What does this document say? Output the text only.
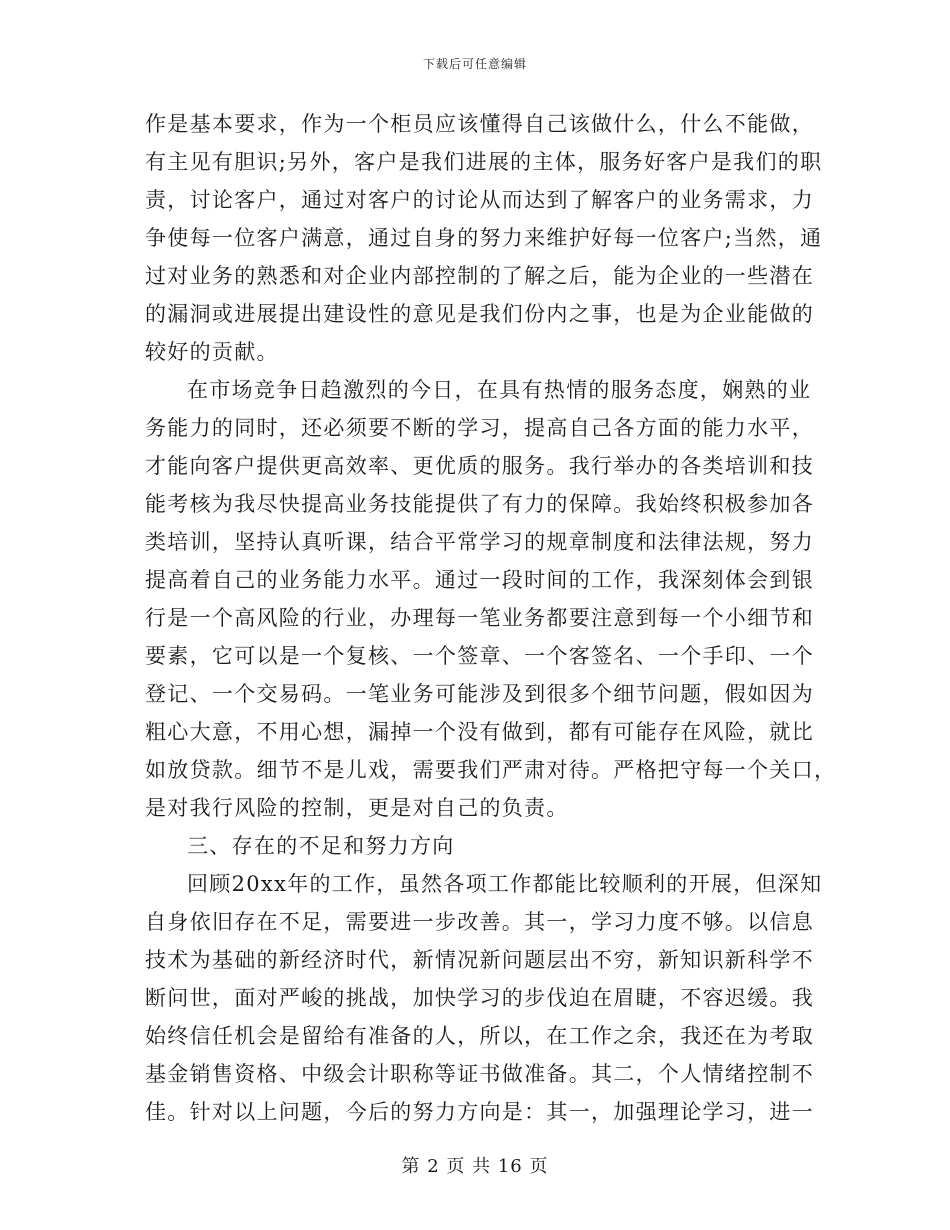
下载后可任意编辑
作是基本要求，作为一个柜员应该懂得自己该做什么，什么不能做，
有主见有胆识;另外，客户是我们进展的主体，服务好客户是我们的职
责，讨论客户，通过对客户的讨论从而达到了解客户的业务需求，力
争使每一位客户满意，通过自身的努力来维护好每一位客户;当然，通
过对业务的熟悉和对企业内部控制的了解之后，能为企业的一些潜在
的漏洞或进展提出建设性的意见是我们份内之事，也是为企业能做的
较好的贡献。
在市场竞争日趋激烈的今日，在具有热情的服务态度，娴熟的业
务能力的同时，还必须要不断的学习，提高自己各方面的能力水平，
才能向客户提供更高效率、更优质的服务。我行举办的各类培训和技
能考核为我尽快提高业务技能提供了有力的保障。我始终积极参加各
类培训，坚持认真听课，结合平常学习的规章制度和法律法规，努力
提高着自己的业务能力水平。通过一段时间的工作，我深刻体会到银
行是一个高风险的行业，办理每一笔业务都要注意到每一个小细节和
要素，它可以是一个复核、一个签章、一个客签名、一个手印、一个
登记、一个交易码。一笔业务可能涉及到很多个细节问题，假如因为
粗心大意，不用心想，漏掉一个没有做到，都有可能存在风险，就比
如放贷款。细节不是儿戏，需要我们严肃对待。严格把守每一个关口，
是对我行风险的控制，更是对自己的负责。
三、存在的不足和努力方向
回顾20xx年的工作，虽然各项工作都能比较顺利的开展，但深知
自身依旧存在不足，需要进一步改善。其一，学习力度不够。以信息
技术为基础的新经济时代，新情况新问题层出不穷，新知识新科学不
断问世，面对严峻的挑战，加快学习的步伐迫在眉睫，不容迟缓。我
始终信任机会是留给有准备的人，所以，在工作之余，我还在为考取
基金销售资格、中级会计职称等证书做准备。其二，个人情绪控制不
佳。针对以上问题，今后的努力方向是：其一，加强理论学习，进一
第 2 页 共 16 页
